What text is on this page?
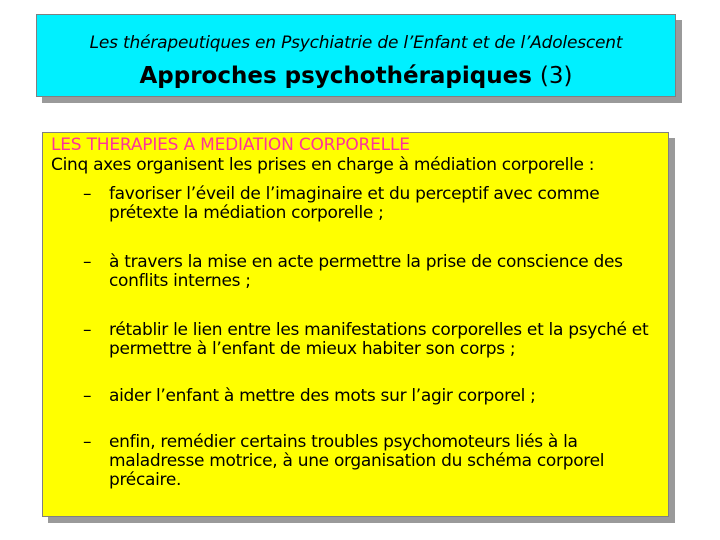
Les thérapeutiques en Psychiatrie de l’Enfant et de l’Adolescent
Approches psychothérapiques (3)
LES THERAPIES A MEDIATION CORPORELLE
Cinq axes organisent les prises en charge à médiation corporelle :
– favoriser l’éveil de l’imaginaire et du perceptif avec comme prétexte la médiation corporelle ;
– à travers la mise en acte permettre la prise de conscience des conflits internes ;
– rétablir le lien entre les manifestations corporelles et la psyché et permettre à l’enfant de mieux habiter son corps ;
– aider l’enfant à mettre des mots sur l’agir corporel ;
– enfin, remédier certains troubles psychomoteurs liés à la maladresse motrice, à une organisation du schéma corporel précaire.
